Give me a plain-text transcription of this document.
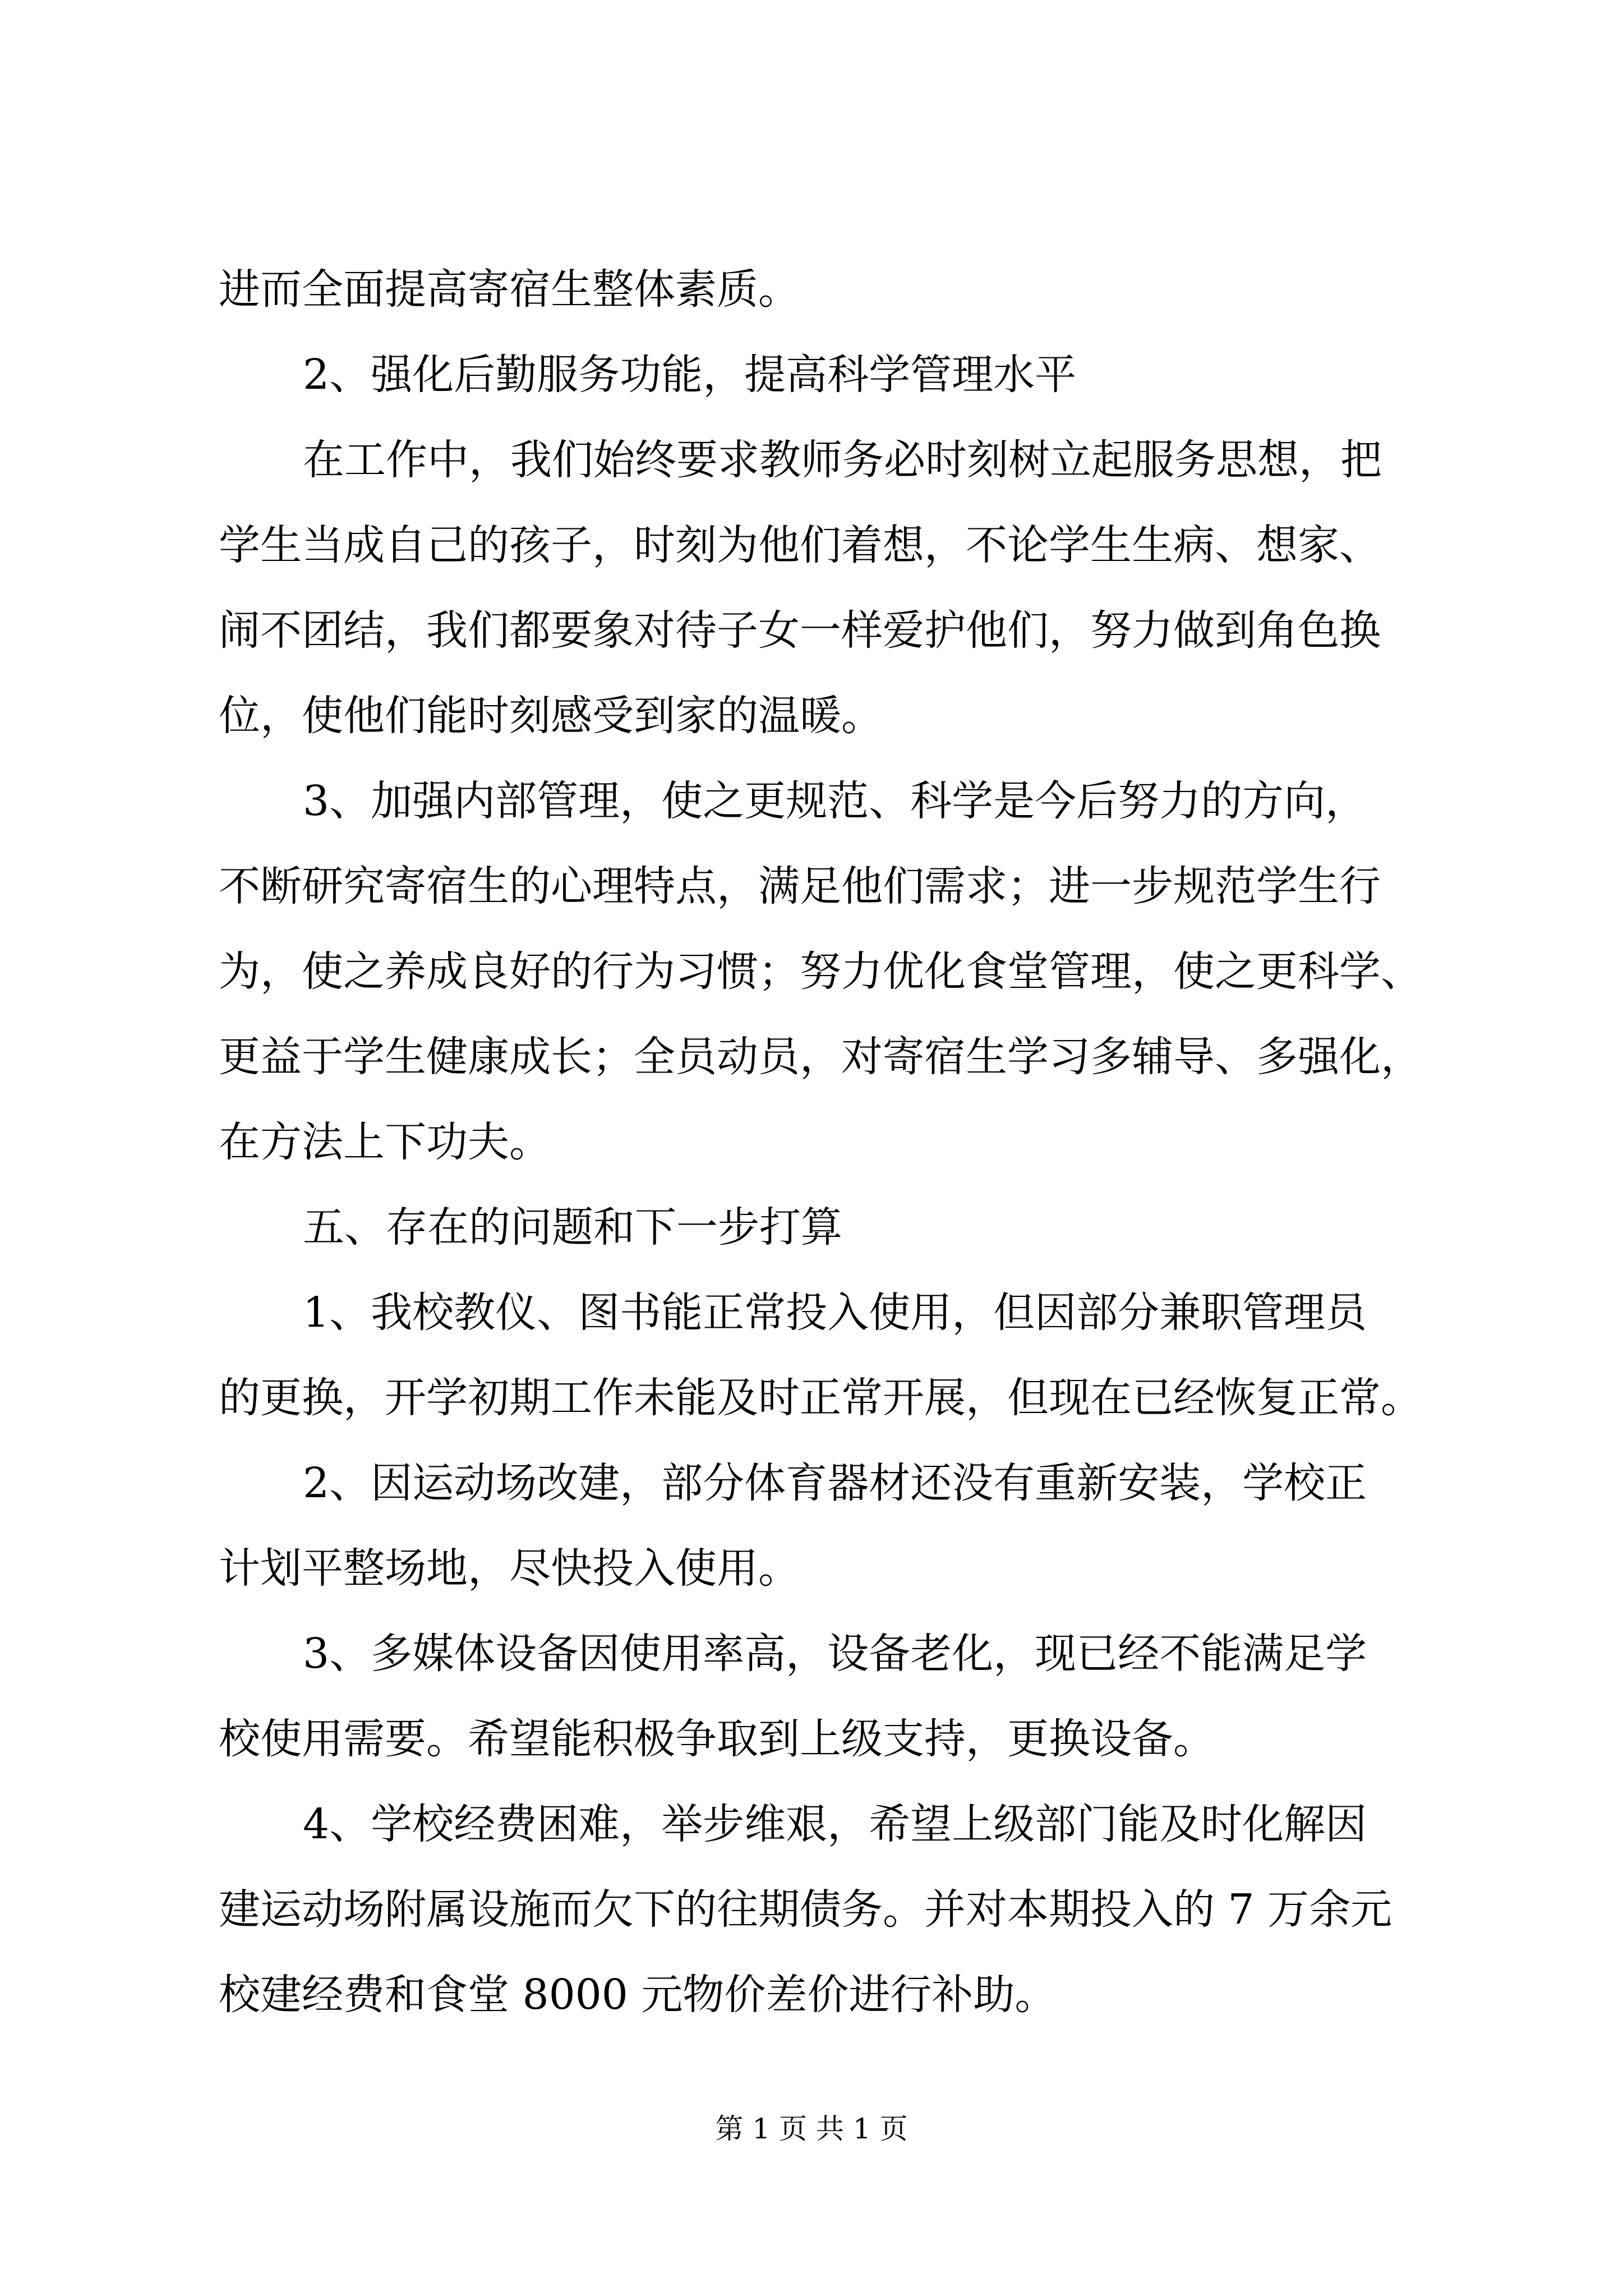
进而全面提高寄宿生整体素质。
2、强化后勤服务功能，提高科学管理水平
在工作中，我们始终要求教师务必时刻树立起服务思想，把
学生当成自己的孩子，时刻为他们着想，不论学生生病、想家、
闹不团结，我们都要象对待子女一样爱护他们，努力做到角色换
位，使他们能时刻感受到家的温暖。
3、加强内部管理，使之更规范、科学是今后努力的方向，
不断研究寄宿生的心理特点，满足他们需求；进一步规范学生行
为，使之养成良好的行为习惯；努力优化食堂管理，使之更科学、
更益于学生健康成长；全员动员，对寄宿生学习多辅导、多强化，
在方法上下功夫。
五、存在的问题和下一步打算
1、我校教仪、图书能正常投入使用，但因部分兼职管理员
的更换，开学初期工作未能及时正常开展，但现在已经恢复正常。
2、因运动场改建，部分体育器材还没有重新安装，学校正
计划平整场地，尽快投入使用。
3、多媒体设备因使用率高，设备老化，现已经不能满足学
校使用需要。希望能积极争取到上级支持，更换设备。
4、学校经费困难，举步维艰，希望上级部门能及时化解因
建运动场附属设施而欠下的往期债务。并对本期投入的 7 万余元
校建经费和食堂 8000 元物价差价进行补助。
第 1 页 共 1 页
